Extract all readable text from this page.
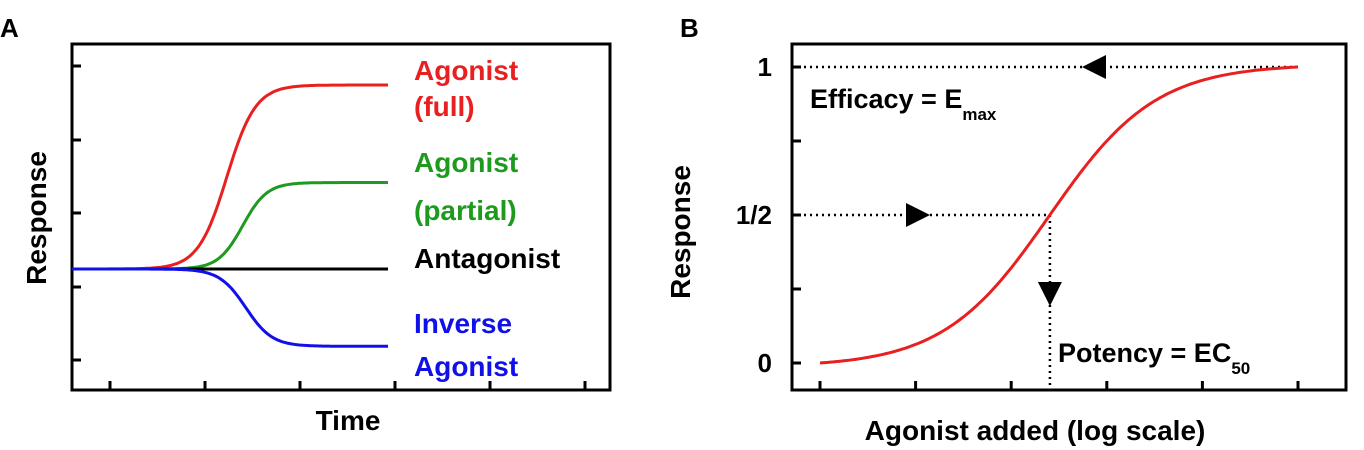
A
Agonist
(full)
Agonist
(partial)
Antagonist
Inverse
Agonist
Time
Response
B
0
1/2
1
Efficacy = $E_{max}$
Potency = $EC_{50}$
Agonist added (log scale)
Response
